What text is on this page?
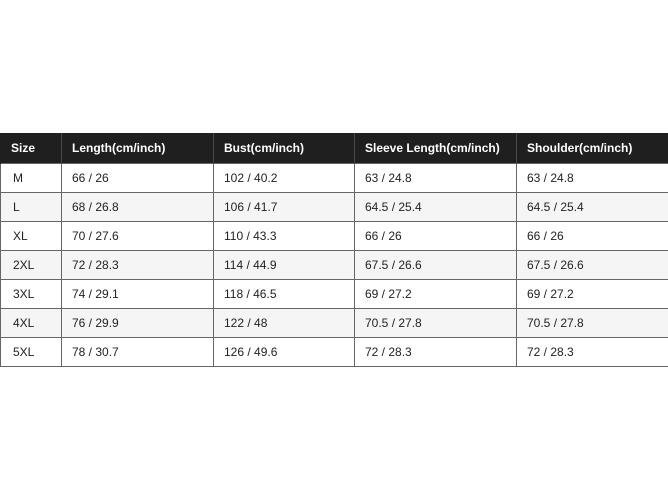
Size	Length(cm/inch)	Bust(cm/inch)	Sleeve Length(cm/inch)	Shoulder(cm/inch)
M	66 / 26	102 / 40.2	63 / 24.8	63 / 24.8
L	68 / 26.8	106 / 41.7	64.5 / 25.4	64.5 / 25.4
XL	70 / 27.6	110 / 43.3	66 / 26	66 / 26
2XL	72 / 28.3	114 / 44.9	67.5 / 26.6	67.5 / 26.6
3XL	74 / 29.1	118 / 46.5	69 / 27.2	69 / 27.2
4XL	76 / 29.9	122 / 48	70.5 / 27.8	70.5 / 27.8
5XL	78 / 30.7	126 / 49.6	72 / 28.3	72 / 28.3
